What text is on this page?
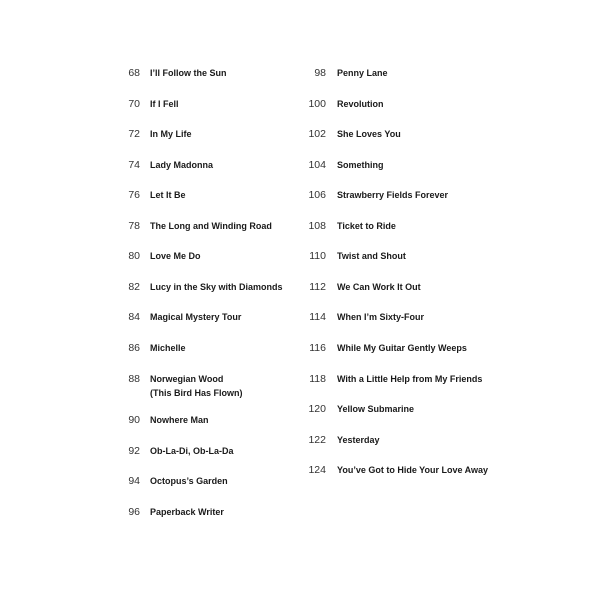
68 I’ll Follow the Sun
70 If I Fell
72 In My Life
74 Lady Madonna
76 Let It Be
78 The Long and Winding Road
80 Love Me Do
82 Lucy in the Sky with Diamonds
84 Magical Mystery Tour
86 Michelle
88 Norwegian Wood
(This Bird Has Flown)
90 Nowhere Man
92 Ob-La-Di, Ob-La-Da
94 Octopus’s Garden
96 Paperback Writer
98 Penny Lane
100 Revolution
102 She Loves You
104 Something
106 Strawberry Fields Forever
108 Ticket to Ride
110 Twist and Shout
112 We Can Work It Out
114 When I’m Sixty-Four
116 While My Guitar Gently Weeps
118 With a Little Help from My Friends
120 Yellow Submarine
122 Yesterday
124 You’ve Got to Hide Your Love Away
